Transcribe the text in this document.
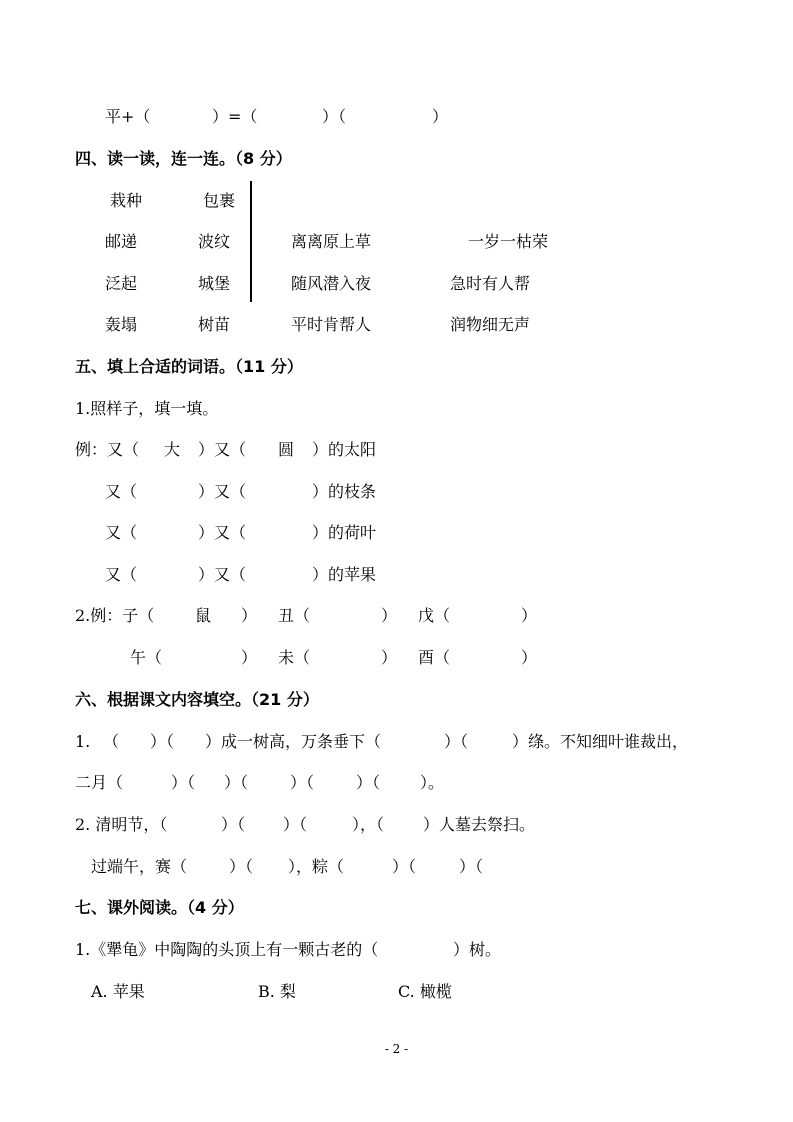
平+（	）=（	）（	）
四、读一读，连一连。（8 分）
栽种	包裹
邮递	波纹	离离原上草	一岁一枯荣
泛起	城堡	随风潜入夜	急时有人帮
轰塌	树苗	平时肯帮人	润物细无声
五、填上合适的词语。（11 分）
1.照样子，填一填。
例：又（ 大 ）又（ 圆 ）的太阳
又（	）又（	）的枝条
又（	）又（	）的荷叶
又（	）又（	）的苹果
2.例：子（	鼠 ） 丑（	） 戊（	）
午（	） 未（	） 酉（	）
六、根据课文内容填空。（21 分）
1. （ ）（ ）成一树高，万条垂下（	）（	）绦。不知细叶谁裁出，
二月（	）（ ）（	）（	）（ ）。
2. 清明节，（	）（ ）（	），（ ）人墓去祭扫。
过端午，赛（	）（ ），粽（	）（	）（
七、课外阅读。（4 分）
1.《犟龟》中陶陶的头顶上有一颗古老的（	）树。
A. 苹果	B. 梨	C. 橄榄
- 2 -
